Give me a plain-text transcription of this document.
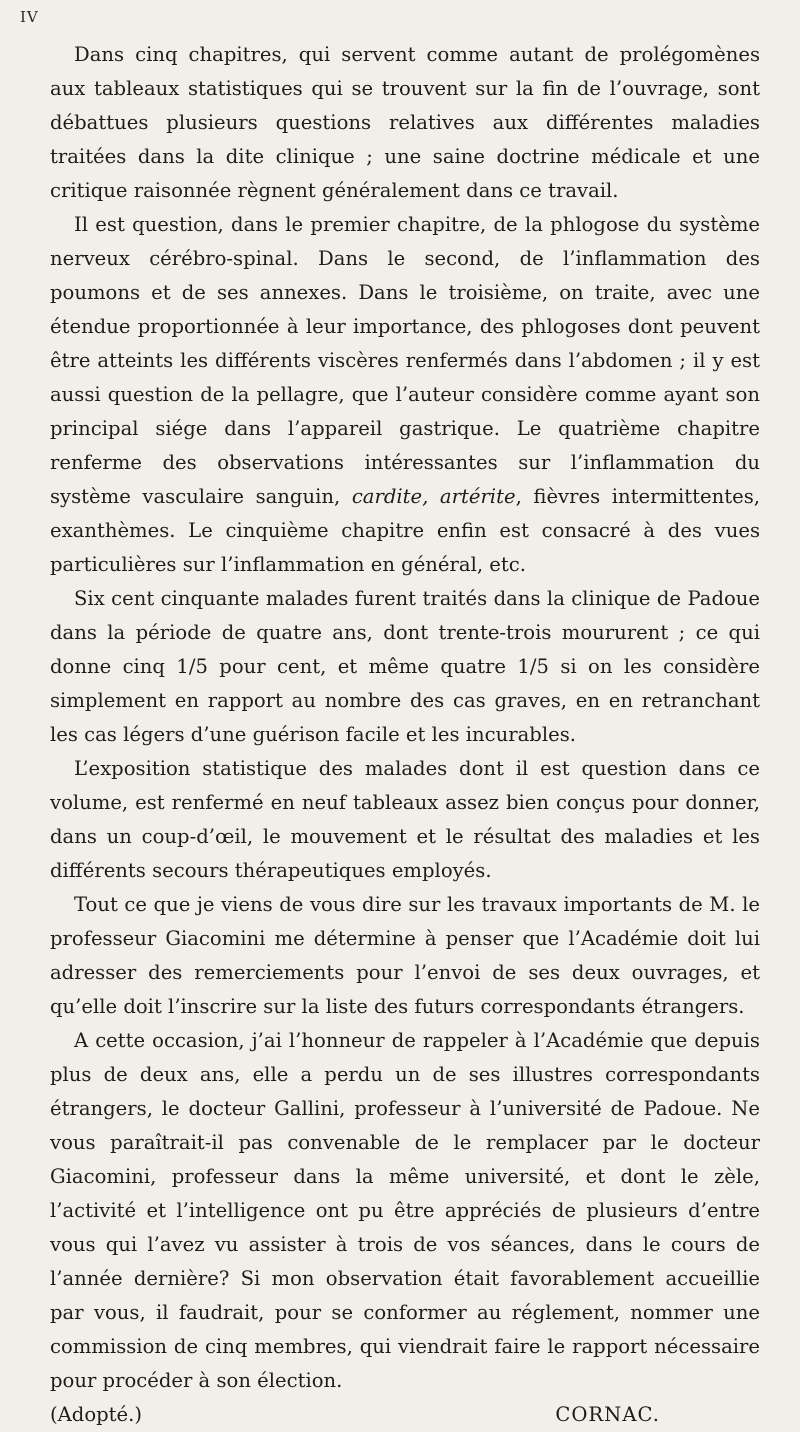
IV

Dans cinq chapitres, qui servent comme autant de prolégomènes aux tableaux statistiques qui se trouvent sur la fin de l’ouvrage, sont débattues plusieurs questions relatives aux différentes maladies traitées dans la dite clinique ; une saine doctrine médicale et une critique raisonnée règnent généralement dans ce travail.

Il est question, dans le premier chapitre, de la phlogose du système nerveux cérébro-spinal. Dans le second, de l’inflammation des poumons et de ses annexes. Dans le troisième, on traite, avec une étendue proportionnée à leur importance, des phlogoses dont peuvent être atteints les différents viscères renfermés dans l’abdomen ; il y est aussi question de la pellagre, que l’auteur considère comme ayant son principal siége dans l’appareil gastrique. Le quatrième chapitre renferme des observations intéressantes sur l’inflammation du système vasculaire sanguin, cardite, artérite, fièvres intermittentes, exanthèmes. Le cinquième chapitre enfin est consacré à des vues particulières sur l’inflammation en général, etc.

Six cent cinquante malades furent traités dans la clinique de Padoue dans la période de quatre ans, dont trente-trois moururent ; ce qui donne cinq 1/5 pour cent, et même quatre 1/5 si on les considère simplement en rapport au nombre des cas graves, en en retranchant les cas légers d’une guérison facile et les incurables.

L’exposition statistique des malades dont il est question dans ce volume, est renfermé en neuf tableaux assez bien conçus pour donner, dans un coup-d’œil, le mouvement et le résultat des maladies et les différents secours thérapeutiques employés.

Tout ce que je viens de vous dire sur les travaux importants de M. le professeur Giacomini me détermine à penser que l’Académie doit lui adresser des remerciements pour l’envoi de ses deux ouvrages, et qu’elle doit l’inscrire sur la liste des futurs correspondants étrangers.

A cette occasion, j’ai l’honneur de rappeler à l’Académie que depuis plus de deux ans, elle a perdu un de ses illustres correspondants étrangers, le docteur Gallini, professeur à l’université de Padoue. Ne vous paraîtrait-il pas convenable de le remplacer par le docteur Giacomini, professeur dans la même université, et dont le zèle, l’activité et l’intelligence ont pu être appréciés de plusieurs d’entre vous qui l’avez vu assister à trois de vos séances, dans le cours de l’année dernière? Si mon observation était favorablement accueillie par vous, il faudrait, pour se conformer au réglement, nommer une commission de cinq membres, qui viendrait faire le rapport nécessaire pour procéder à son élection.

(Adopté.)	CORNAC.
